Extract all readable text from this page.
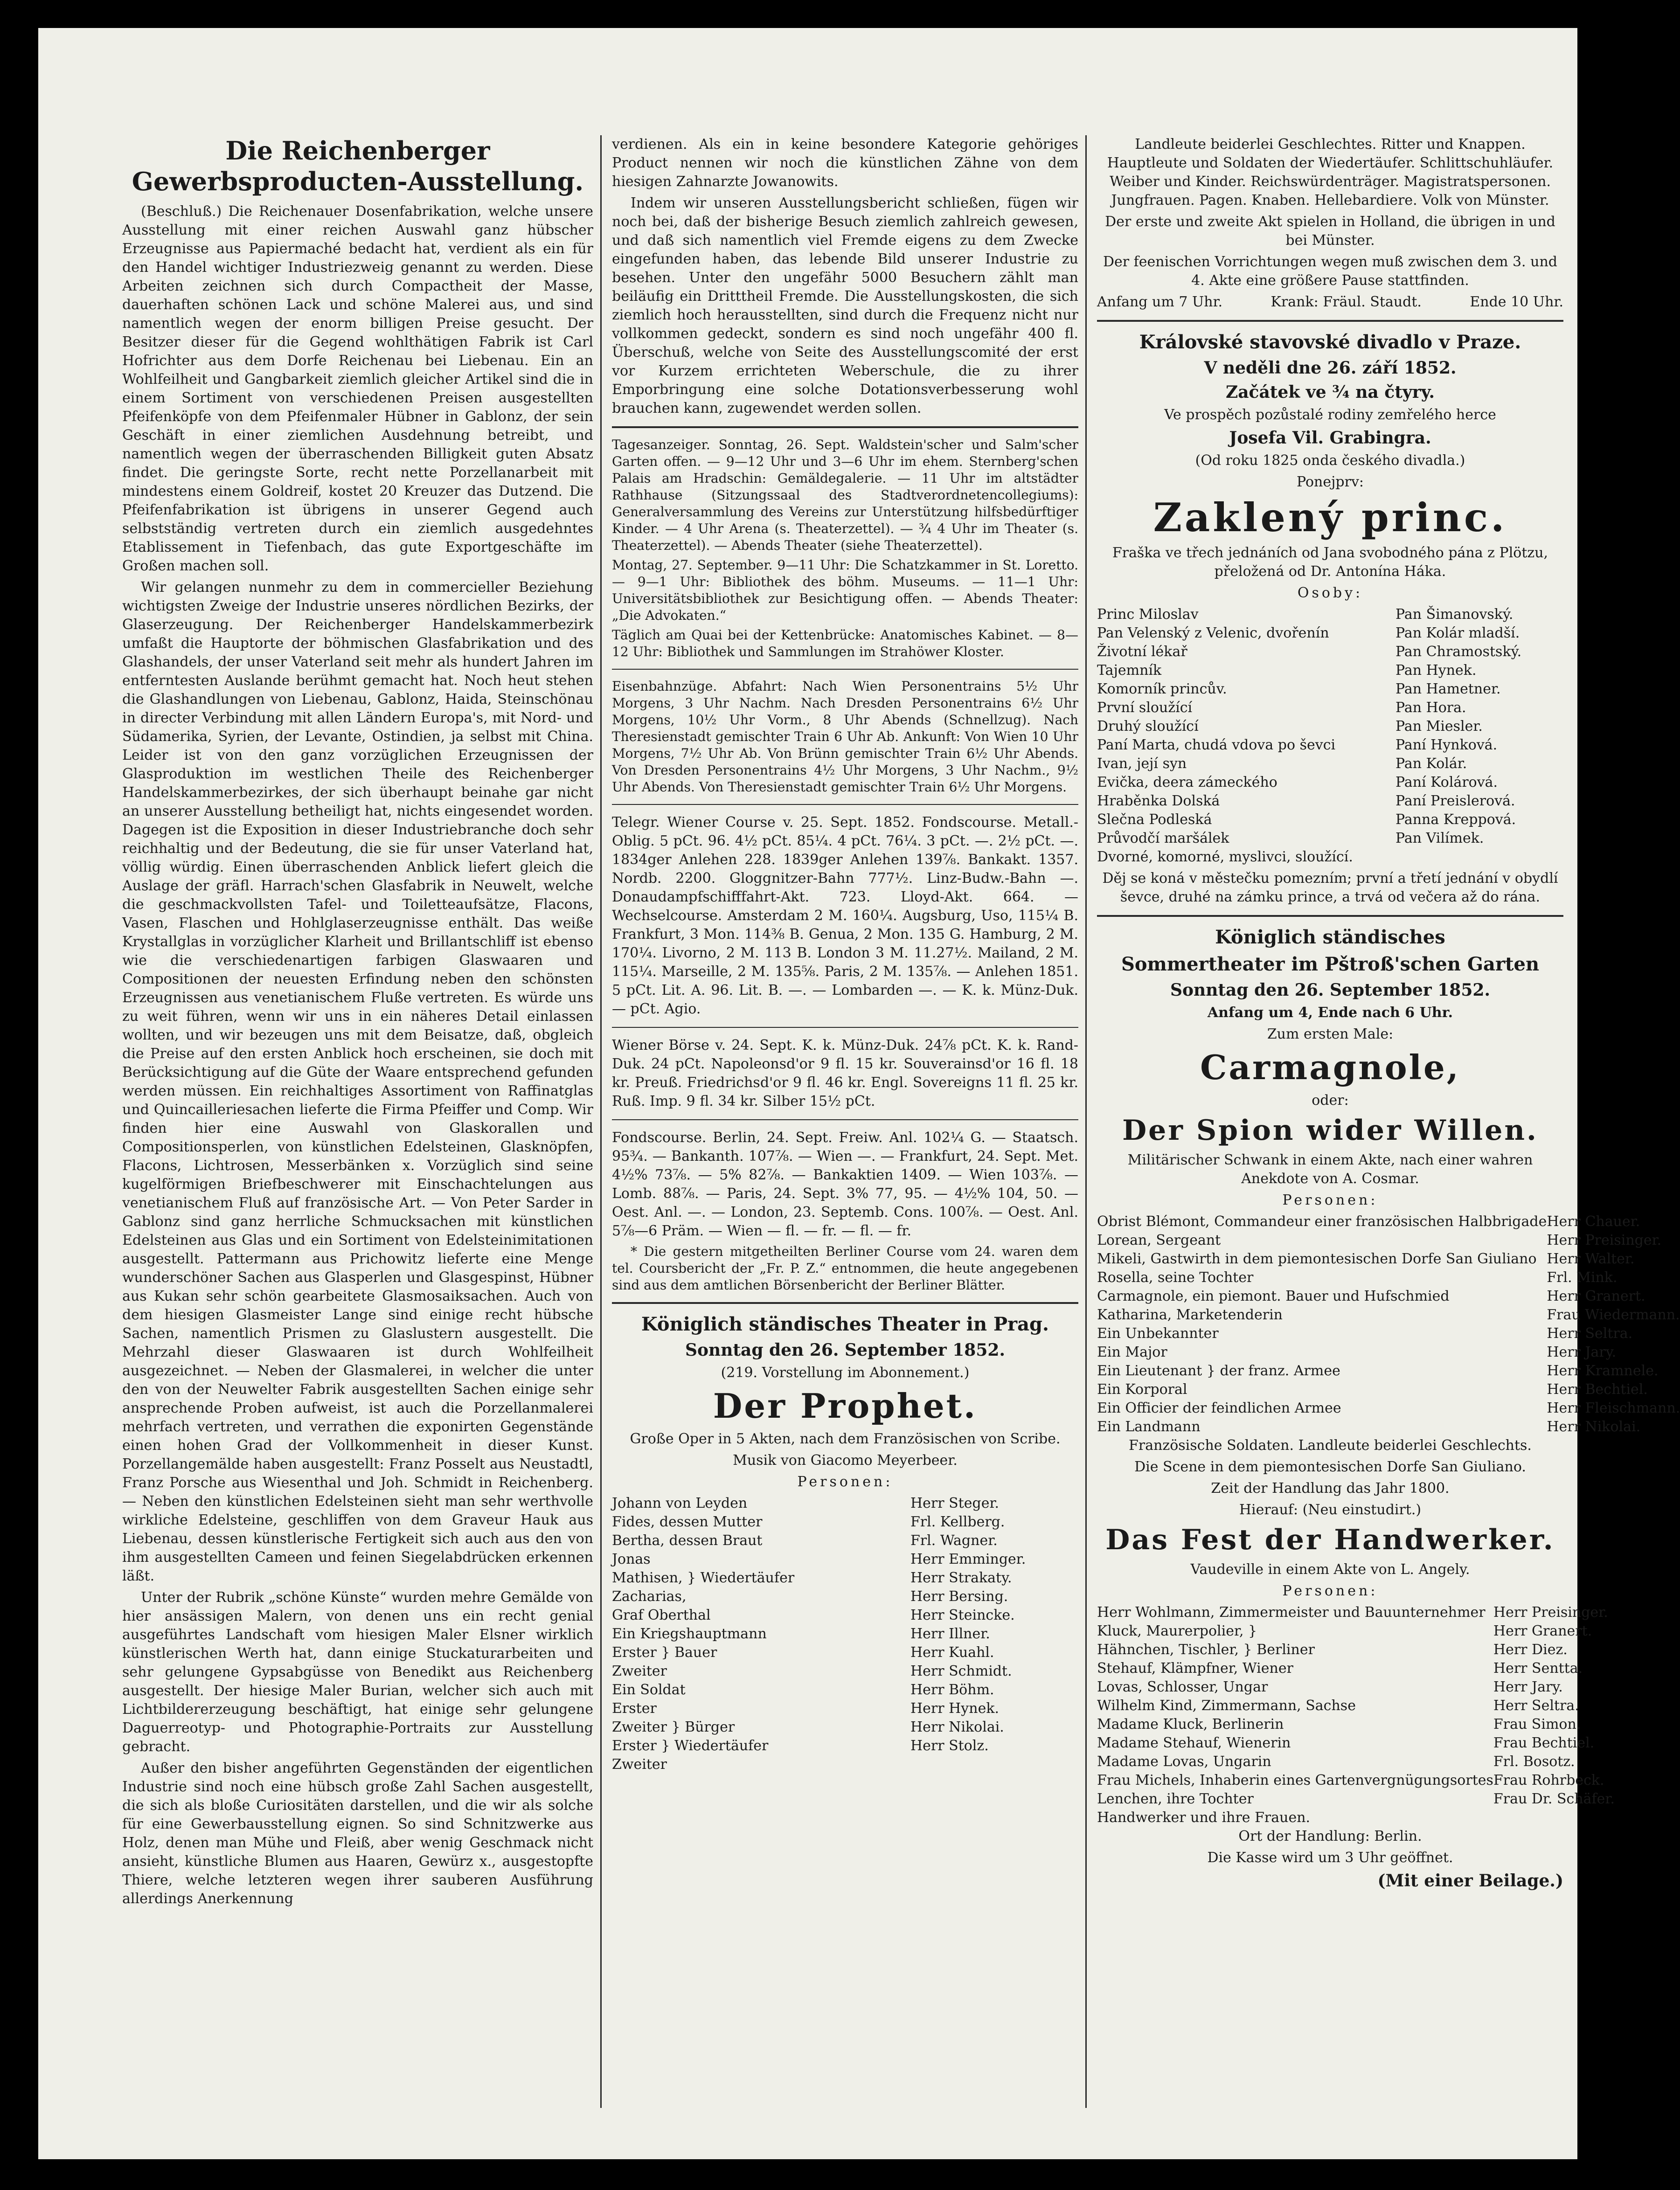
Die Reichenberger Gewerbsproducten-Ausstellung.

(Beschluß.) Die Reichenauer Dosenfabrikation, welche unsere Ausstellung mit einer reichen Auswahl ganz hübscher Erzeugnisse aus Papiermaché bedacht hat, verdient als ein für den Handel wichtiger Industriezweig genannt zu werden. Diese Arbeiten zeichnen sich durch Compactheit der Masse, dauerhaften schönen Lack und schöne Malerei aus, und sind namentlich wegen der enorm billigen Preise gesucht. Der Besitzer dieser für die Gegend wohlthätigen Fabrik ist Carl Hofrichter aus dem Dorfe Reichenau bei Liebenau. Ein an Wohlfeilheit und Gangbarkeit ziemlich gleicher Artikel sind die in einem Sortiment von verschiedenen Preisen ausgestellten Pfeifenköpfe von dem Pfeifenmaler Hübner in Gablonz, der sein Geschäft in einer ziemlichen Ausdehnung betreibt, und namentlich wegen der überraschenden Billigkeit guten Absatz findet. Die geringste Sorte, recht nette Porzellanarbeit mit mindestens einem Goldreif, kostet 20 Kreuzer das Dutzend. Die Pfeifenfabrikation ist übrigens in unserer Gegend auch selbstständig vertreten durch ein ziemlich ausgedehntes Etablissement in Tiefenbach, das gute Exportgeschäfte im Großen machen soll.

Wir gelangen nunmehr zu dem in commercieller Beziehung wichtigsten Zweige der Industrie unseres nördlichen Bezirks, der Glaserzeugung. Der Reichenberger Handelskammerbezirk umfaßt die Hauptorte der böhmischen Glasfabrikation und des Glashandels, der unser Vaterland seit mehr als hundert Jahren im entferntesten Auslande berühmt gemacht hat. Noch heut stehen die Glashandlungen von Liebenau, Gablonz, Haida, Steinschönau in directer Verbindung mit allen Ländern Europa's, mit Nord- und Südamerika, Syrien, der Levante, Ostindien, ja selbst mit China. Leider ist von den ganz vorzüglichen Erzeugnissen der Glasproduktion im westlichen Theile des Reichenberger Handelskammerbezirkes, der sich überhaupt beinahe gar nicht an unserer Ausstellung betheiligt hat, nichts eingesendet worden. Dagegen ist die Exposition in dieser Industriebranche doch sehr reichhaltig und der Bedeutung, die sie für unser Vaterland hat, völlig würdig. Einen überraschenden Anblick liefert gleich die Auslage der gräfl. Harrach'schen Glasfabrik in Neuwelt, welche die geschmackvollsten Tafel- und Toiletteaufsätze, Flacons, Vasen, Flaschen und Hohlglaserzeugnisse enthält. Das weiße Krystallglas in vorzüglicher Klarheit und Brillantschliff ist ebenso wie die verschiedenartigen farbigen Glaswaaren und Compositionen der neuesten Erfindung neben den schönsten Erzeugnissen aus venetianischem Fluße vertreten. Es würde uns zu weit führen, wenn wir uns in ein näheres Detail einlassen wollten, und wir bezeugen uns mit dem Beisatze, daß, obgleich die Preise auf den ersten Anblick hoch erscheinen, sie doch mit Berücksichtigung auf die Güte der Waare entsprechend gefunden werden müssen. Ein reichhaltiges Assortiment von Raffinatglas und Quincailleriesachen lieferte die Firma Pfeiffer und Comp. Wir finden hier eine Auswahl von Glaskorallen und Compositionsperlen, von künstlichen Edelsteinen, Glasknöpfen, Flacons, Lichtrosen, Messerbänken x. Vorzüglich sind seine kugelförmigen Briefbeschwerer mit Einschachtelungen aus venetianischem Fluß auf französische Art. — Von Peter Sarder in Gablonz sind ganz herrliche Schmucksachen mit künstlichen Edelsteinen aus Glas und ein Sortiment von Edelsteinimitationen ausgestellt. Pattermann aus Prichowitz lieferte eine Menge wunderschöner Sachen aus Glasperlen und Glasgespinst, Hübner aus Kukan sehr schön gearbeitete Glasmosaiksachen. Auch von dem hiesigen Glasmeister Lange sind einige recht hübsche Sachen, namentlich Prismen zu Glaslustern ausgestellt. Die Mehrzahl dieser Glaswaaren ist durch Wohlfeilheit ausgezeichnet. — Neben der Glasmalerei, in welcher die unter den von der Neuwelter Fabrik ausgestellten Sachen einige sehr ansprechende Proben aufweist, ist auch die Porzellanmalerei mehrfach vertreten, und verrathen die exponirten Gegenstände einen hohen Grad der Vollkommenheit in dieser Kunst. Porzellangemälde haben ausgestellt: Franz Posselt aus Neustadtl, Franz Porsche aus Wiesenthal und Joh. Schmidt in Reichenberg. — Neben den künstlichen Edelsteinen sieht man sehr werthvolle wirkliche Edelsteine, geschliffen von dem Graveur Hauk aus Liebenau, dessen künstlerische Fertigkeit sich auch aus den von ihm ausgestellten Cameen und feinen Siegelabdrücken erkennen läßt.

Unter der Rubrik „schöne Künste“ wurden mehre Gemälde von hier ansässigen Malern, von denen uns ein recht genial ausgeführtes Landschaft vom hiesigen Maler Elsner wirklich künstlerischen Werth hat, dann einige Stuckaturarbeiten und sehr gelungene Gypsabgüsse von Benedikt aus Reichenberg ausgestellt. Der hiesige Maler Burian, welcher sich auch mit Lichtbildererzeugung beschäftigt, hat einige sehr gelungene Daguerreotyp- und Photographie-Portraits zur Ausstellung gebracht.

Außer den bisher angeführten Gegenständen der eigentlichen Industrie sind noch eine hübsch große Zahl Sachen ausgestellt, die sich als bloße Curiositäten darstellen, und die wir als solche für eine Gewerbausstellung eignen. So sind Schnitzwerke aus Holz, denen man Mühe und Fleiß, aber wenig Geschmack nicht ansieht, künstliche Blumen aus Haaren, Gewürz x., ausgestopfte Thiere, welche letzteren wegen ihrer sauberen Ausführung allerdings Anerkennung

verdienen. Als ein in keine besondere Kategorie gehöriges Product nennen wir noch die künstlichen Zähne von dem hiesigen Zahnarzte Jowanowits.

Indem wir unseren Ausstellungsbericht schließen, fügen wir noch bei, daß der bisherige Besuch ziemlich zahlreich gewesen, und daß sich namentlich viel Fremde eigens zu dem Zwecke eingefunden haben, das lebende Bild unserer Industrie zu besehen. Unter den ungefähr 5000 Besuchern zählt man beiläufig ein Dritttheil Fremde. Die Ausstellungskosten, die sich ziemlich hoch herausstellten, sind durch die Frequenz nicht nur vollkommen gedeckt, sondern es sind noch ungefähr 400 fl. Überschuß, welche von Seite des Ausstellungscomité der erst vor Kurzem errichteten Weberschule, die zu ihrer Emporbringung eine solche Dotationsverbesserung wohl brauchen kann, zugewendet werden sollen.

Tagesanzeiger. Sonntag, 26. Sept. Waldstein'scher und Salm'scher Garten offen. — 9—12 Uhr und 3—6 Uhr im ehem. Sternberg'schen Palais am Hradschin: Gemäldegalerie. — 11 Uhr im altstädter Rathhause (Sitzungssaal des Stadtverordnetencollegiums): Generalversammlung des Vereins zur Unterstützung hilfsbedürftiger Kinder. — 4 Uhr Arena (s. Theaterzettel). — ¾ 4 Uhr im Theater (s. Theaterzettel). — Abends Theater (siehe Theaterzettel).

Montag, 27. September. 9—11 Uhr: Die Schatzkammer in St. Loretto. — 9—1 Uhr: Bibliothek des böhm. Museums. — 11—1 Uhr: Universitätsbibliothek zur Besichtigung offen. — Abends Theater: „Die Advokaten.“

Täglich am Quai bei der Kettenbrücke: Anatomisches Kabinet. — 8—12 Uhr: Bibliothek und Sammlungen im Strahöwer Kloster.

Eisenbahnzüge. Abfahrt: Nach Wien Personentrains 5½ Uhr Morgens, 3 Uhr Nachm. Nach Dresden Personentrains 6½ Uhr Morgens, 10½ Uhr Vorm., 8 Uhr Abends (Schnellzug). Nach Theresienstadt gemischter Train 6 Uhr Ab. Ankunft: Von Wien 10 Uhr Morgens, 7½ Uhr Ab. Von Brünn gemischter Train 6½ Uhr Abends. Von Dresden Personentrains 4½ Uhr Morgens, 3 Uhr Nachm., 9½ Uhr Abends. Von Theresienstadt gemischter Train 6½ Uhr Morgens.

Telegr. Wiener Course v. 25. Sept. 1852. Fondscourse. Metall.-Oblig. 5 pCt. 96. 4½ pCt. 85¼. 4 pCt. 76¼. 3 pCt. —. 2½ pCt. —. 1834ger Anlehen 228. 1839ger Anlehen 139⅞. Bankakt. 1357. Nordb. 2200. Gloggnitzer-Bahn 777½. Linz-Budw.-Bahn —. Donaudampfschifffahrt-Akt. 723. Lloyd-Akt. 664. — Wechselcourse. Amsterdam 2 M. 160¼. Augsburg, Uso, 115¼ B. Frankfurt, 3 Mon. 114⅜ B. Genua, 2 Mon. 135 G. Hamburg, 2 M. 170¼. Livorno, 2 M. 113 B. London 3 M. 11.27½. Mailand, 2 M. 115¼. Marseille, 2 M. 135⅝. Paris, 2 M. 135⅞. — Anlehen 1851. 5 pCt. Lit. A. 96. Lit. B. —. — Lombarden —. — K. k. Münz-Duk. — pCt. Agio.

Wiener Börse v. 24. Sept. K. k. Münz-Duk. 24⅞ pCt. K. k. Rand-Duk. 24 pCt. Napoleonsd'or 9 fl. 15 kr. Souverainsd'or 16 fl. 18 kr. Preuß. Friedrichsd'or 9 fl. 46 kr. Engl. Sovereigns 11 fl. 25 kr. Ruß. Imp. 9 fl. 34 kr. Silber 15½ pCt.

Fondscourse. Berlin, 24. Sept. Freiw. Anl. 102¼ G. — Staatsch. 95¾. — Bankanth. 107⅞. — Wien —. — Frankfurt, 24. Sept. Met. 4½% 73⅞. — 5% 82⅞. — Bankaktien 1409. — Wien 103⅞. — Lomb. 88⅞. — Paris, 24. Sept. 3% 77, 95. — 4½% 104, 50. — Oest. Anl. —. — London, 23. Septemb. Cons. 100⅞. — Oest. Anl. 5⅞—6 Präm. — Wien — fl. — fr. — fl. — fr.

* Die gestern mitgetheilten Berliner Course vom 24. waren dem tel. Coursbericht der „Fr. P. Z.“ entnommen, die heute angegebenen sind aus dem amtlichen Börsenbericht der Berliner Blätter.

Königlich ständisches Theater in Prag.

Sonntag den 26. September 1852.

(219. Vorstellung im Abonnement.)

Der Prophet.

Große Oper in 5 Akten, nach dem Französischen von Scribe.

Musik von Giacomo Meyerbeer.

Personen:

Johann von Leyden	Herr Steger.
Fides, dessen Mutter	Frl. Kellberg.
Bertha, dessen Braut	Frl. Wagner.
Jonas	Herr Emminger.
Mathisen, } Wiedertäufer	Herr Strakaty.
Zacharias,	Herr Bersing.
Graf Oberthal	Herr Steincke.
Ein Kriegshauptmann	Herr Illner.
Erster } Bauer	Herr Kuahl.
Zweiter	Herr Schmidt.
Ein Soldat	Herr Böhm.
Erster	Herr Hynek.
Zweiter } Bürger	Herr Nikolai.
Erster } Wiedertäufer	Herr Stolz.
Zweiter	

Landleute beiderlei Geschlechtes. Ritter und Knappen. Hauptleute und Soldaten der Wiedertäufer. Schlittschuhläufer. Weiber und Kinder. Reichswürdenträger. Magistratspersonen. Jungfrauen. Pagen. Knaben. Hellebardiere. Volk von Münster.

Der erste und zweite Akt spielen in Holland, die übrigen in und bei Münster.

Der feenischen Vorrichtungen wegen muß zwischen dem 3. und 4. Akte eine größere Pause stattfinden.

Anfang um 7 Uhr.	Krank: Fräul. Staudt.	Ende 10 Uhr.

Královské stavovské divadlo v Praze.

V neděli dne 26. září 1852.

Začátek ve ¾ na čtyry.

Ve prospěch pozůstalé rodiny zemřelého herce

Josefa Vil. Grabingra.

(Od roku 1825 onda českého divadla.)

Ponejprv:

Zaklený princ.

Fraška ve třech jednáních od Jana svobodného pána z Plötzu, přeložená od Dr. Antonína Háka.

Osoby:

Princ Miloslav	Pan Šimanovský.
Pan Velenský z Velenic, dvořenín	Pan Kolár mladší.
Životní lékař	Pan Chramostský.
Tajemník	Pan Hynek.
Komorník princův.	Pan Hametner.
První sloužící	Pan Hora.
Druhý sloužící	Pan Miesler.
Paní Marta, chudá vdova po ševci	Paní Hynková.
Ivan, její syn	Pan Kolár.
Evička, deera zámeckého	Paní Kolárová.
Hraběnka Dolská	Paní Preislerová.
Slečna Podleská	Panna Kreppová.
Průvodčí maršálek	Pan Vilímek.

Dvorné, komorné, myslivci, sloužící.

Děj se koná v městečku pomezním; první a třetí jednání v obydlí ševce, druhé na zámku prince, a trvá od večera až do rána.

Königlich ständisches

Sommertheater im Pštroß'schen Garten

Sonntag den 26. September 1852.

Anfang um 4, Ende nach 6 Uhr.

Zum ersten Male:

Carmagnole,

oder:

Der Spion wider Willen.

Militärischer Schwank in einem Akte, nach einer wahren Anekdote von A. Cosmar.

Personen:

Obrist Blémont, Commandeur einer französischen Halbbrigade	Herr Chauer.
Lorean, Sergeant	Herr Preisinger.
Mikeli, Gastwirth in dem piemontesischen Dorfe San Giuliano	Herr Walter.
Rosella, seine Tochter	Frl. Mink.
Carmagnole, ein piemont. Bauer und Hufschmied	Herr Granert.
Katharina, Marketenderin	Frau Wiedermann.
Ein Unbekannter	Herr Seltra.
Ein Major	Herr Jary.
Ein Lieutenant } der franz. Armee	Herr Kramnele.
Ein Korporal	Herr Bechtiel.
Ein Officier der feindlichen Armee	Herr Fleischmann.
Ein Landmann	Herr Nikolai.

Französische Soldaten. Landleute beiderlei Geschlechts.

Die Scene in dem piemontesischen Dorfe San Giuliano.

Zeit der Handlung das Jahr 1800.

Hierauf: (Neu einstudirt.)

Das Fest der Handwerker.

Vaudeville in einem Akte von L. Angely.

Personen:

Herr Wohlmann, Zimmermeister und Bauunternehmer	Herr Preisinger.
Kluck, Maurerpolier, }	Herr Granert.
Hähnchen, Tischler, } Berliner	Herr Diez.
Stehauf, Klämpfner, Wiener	Herr Sentta.
Lovas, Schlosser, Ungar	Herr Jary.
Wilhelm Kind, Zimmermann, Sachse	Herr Seltra.
Madame Kluck, Berlinerin	Frau Simon.
Madame Stehauf, Wienerin	Frau Bechtiel.
Madame Lovas, Ungarin	Frl. Bosotz.
Frau Michels, Inhaberin eines Gartenvergnügungsortes	Frau Rohrbeck.
Lenchen, ihre Tochter	Frau Dr. Schäfer.
Handwerker und ihre Frauen.	

Ort der Handlung: Berlin.

Die Kasse wird um 3 Uhr geöffnet.

(Mit einer Beilage.)
